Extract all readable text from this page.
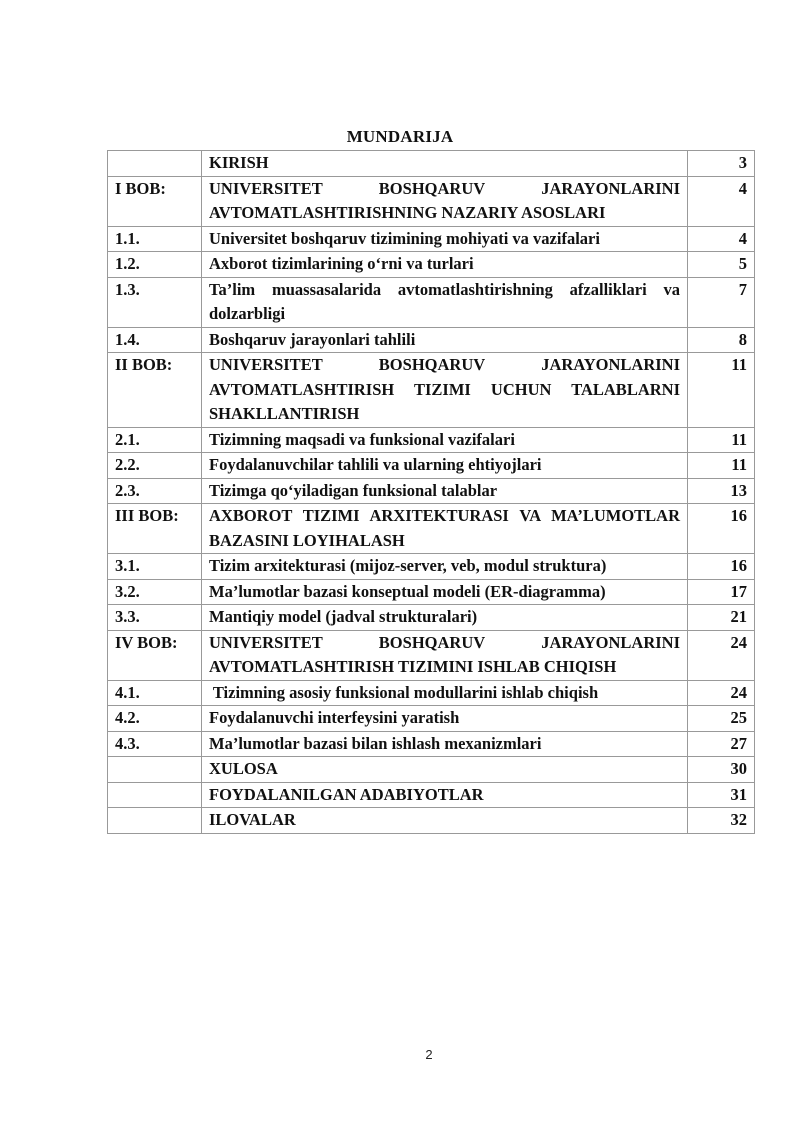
MUNDARIJA
	KIRISH	3
I BOB:	UNIVERSITET BOSHQARUV JARAYONLARINI AVTOMATLASHTIRISHNING NAZARIY ASOSLARI	4
1.1.	Universitet boshqaruv tizimining mohiyati va vazifalari	4
1.2.	Axborot tizimlarining o‘rni va turlari	5
1.3.	Ta’lim muassasalarida avtomatlashtirishning afzalliklari va dolzarbligi	7
1.4.	Boshqaruv jarayonlari tahlili	8
II BOB:	UNIVERSITET BOSHQARUV JARAYONLARINI AVTOMATLASHTIRISH TIZIMI UCHUN TALABLARNI SHAKLLANTIRISH	11
2.1.	Tizimning maqsadi va funksional vazifalari	11
2.2.	Foydalanuvchilar tahlili va ularning ehtiyojlari	11
2.3.	Tizimga qo‘yiladigan funksional talablar	13
III BOB:	AXBOROT TIZIMI ARXITEKTURASI VA MA’LUMOTLAR BAZASINI LOYIHALASH	16
3.1.	Tizim arxitekturasi (mijoz-server, veb, modul struktura)	16
3.2.	Ma’lumotlar bazasi konseptual modeli (ER-diagramma)	17
3.3.	Mantiqiy model (jadval strukturalari)	21
IV BOB:	UNIVERSITET BOSHQARUV JARAYONLARINI AVTOMATLASHTIRISH TIZIMINI ISHLAB CHIQISH	24
4.1.	Tizimning asosiy funksional modullarini ishlab chiqish	24
4.2.	Foydalanuvchi interfeysini yaratish	25
4.3.	Ma’lumotlar bazasi bilan ishlash mexanizmlari	27
	XULOSA	30
	FOYDALANILGAN ADABIYOTLAR	31
	ILOVALAR	32
2
